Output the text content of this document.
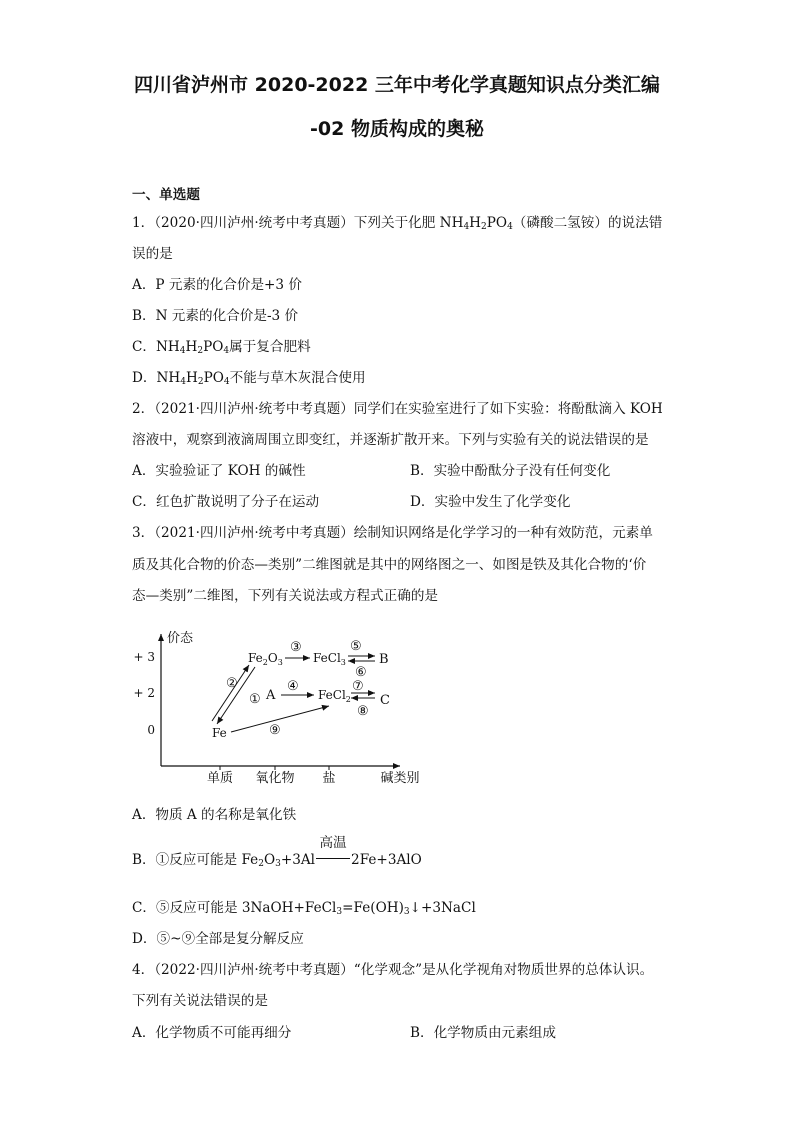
四川省泸州市 2020-2022 三年中考化学真题知识点分类汇编
-02 物质构成的奥秘
一、单选题
1．（2020·四川泸州·统考中考真题）下列关于化肥 $NH_4H_2PO_4$（磷酸二氢铵）的说法错
误的是
A．P 元素的化合价是+3 价
B．N 元素的化合价是-3 价
C．$NH_4H_2PO_4$属于复合肥料
D．$NH_4H_2PO_4$不能与草木灰混合使用
2．（2021·四川泸州·统考中考真题）同学们在实验室进行了如下实验：将酚酞滴入 KOH
溶液中，观察到液滴周围立即变红，并逐渐扩散开来。下列与实验有关的说法错误的是
A．实验验证了 KOH 的碱性	B．实验中酚酞分子没有任何变化
C．红色扩散说明了分子在运动	D．实验中发生了化学变化
3．（2021·四川泸州·统考中考真题）绘制知识网络是化学学习的一种有效防范，元素单
质及其化合物的价态—类别”二维图就是其中的网络图之一、如图是铁及其化合物的‘价
态—类别”二维图，下列有关说法或方程式正确的是
价态
+ 3
+ 2
0
单质 氧化物 盐	碱类别
$Fe_2O_3$	FeCl$_3$	B
A	FeCl$_2$ C
Fe
②
①
③
④
⑤
⑥
⑦
⑧
⑨
A．物质 A 的名称是氧化铁
B．①反应可能是 $Fe_2O_3+3Al$
高温
2Fe+3AlO
C．⑤反应可能是 $3NaOH+FeCl_3=Fe(OH)_3↓+3NaCl$
D．⑤~⑨全部是复分解反应
4．（2022·四川泸州·统考中考真题）“化学观念”是从化学视角对物质世界的总体认识。
下列有关说法错误的是
A．化学物质不可能再细分	B．化学物质由元素组成
